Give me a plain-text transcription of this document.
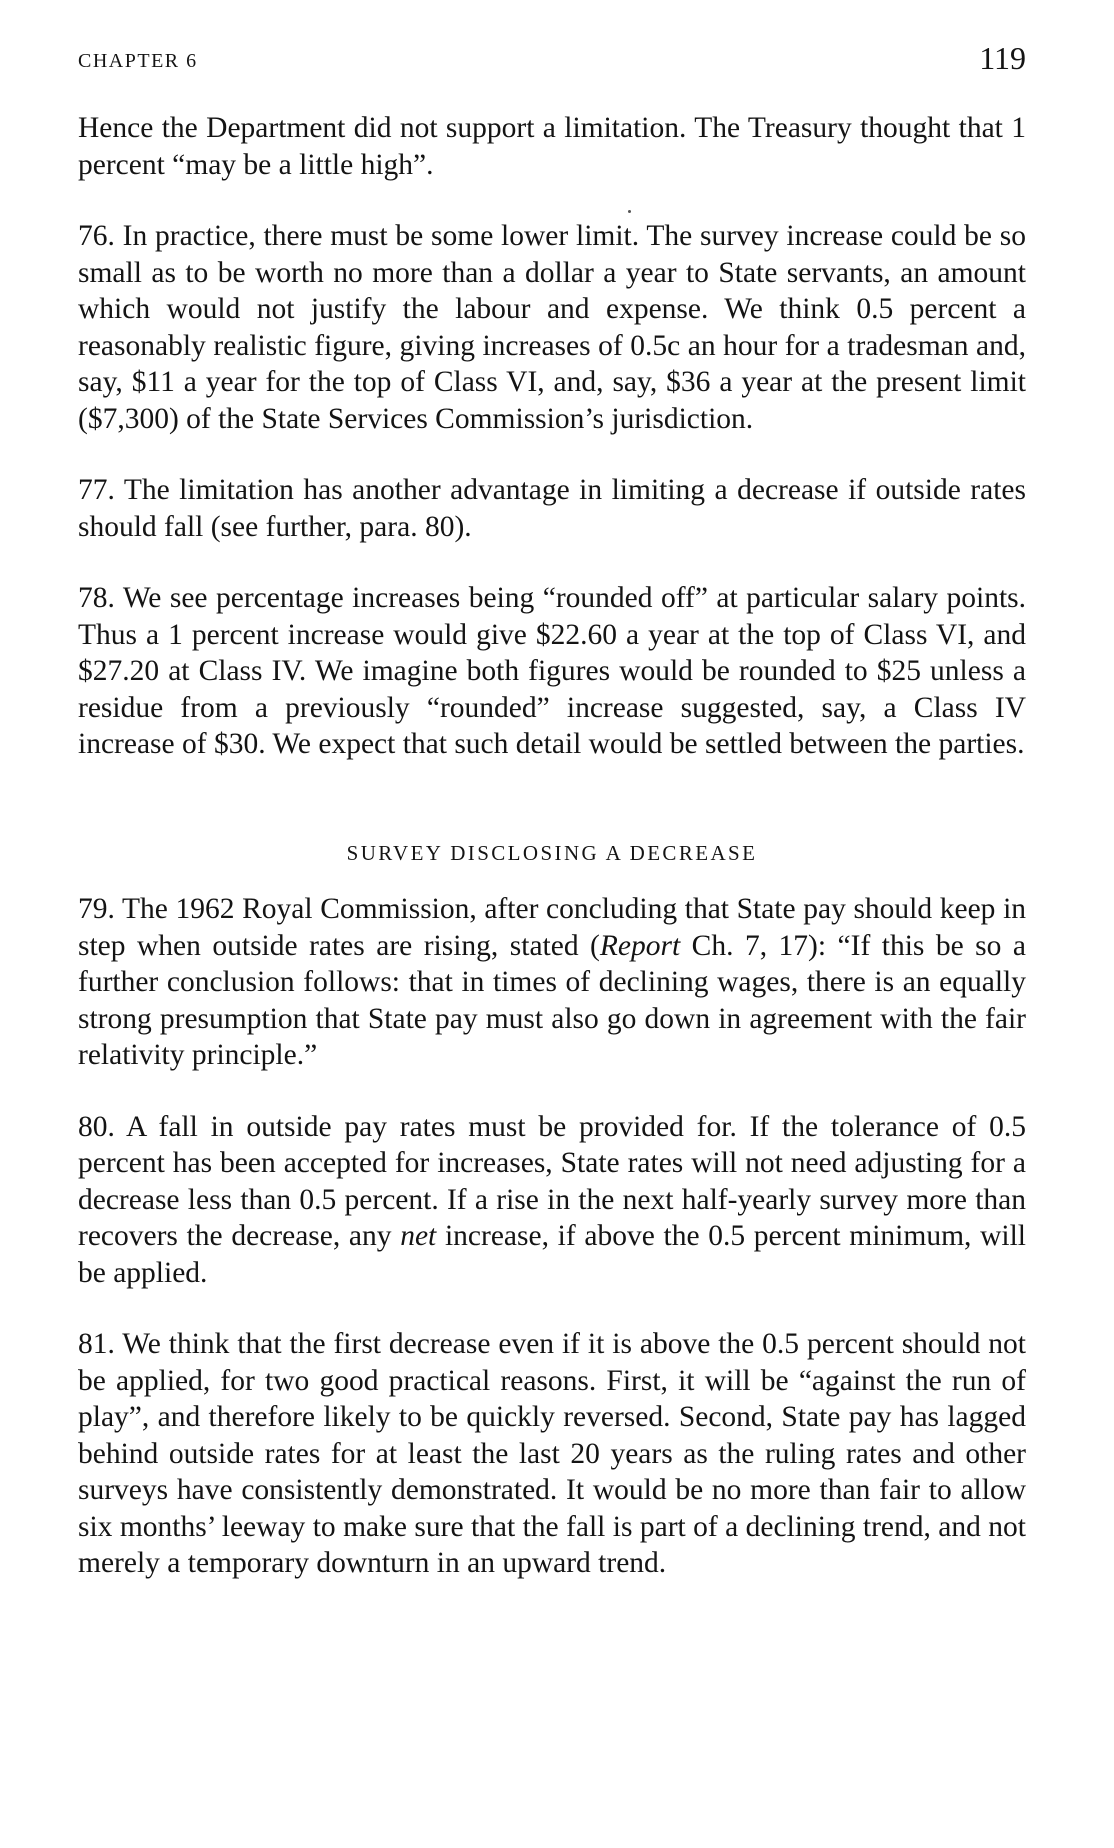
CHAPTER 6	119

Hence the Department did not support a limitation. The Treasury thought that 1 percent “may be a little high”.

76. In practice, there must be some lower limit. The survey increase could be so small as to be worth no more than a dollar a year to State servants, an amount which would not justify the labour and expense. We think 0.5 percent a reasonably realistic figure, giving increases of 0.5c an hour for a tradesman and, say, $11 a year for the top of Class VI, and, say, $36 a year at the present limit ($7,300) of the State Services Commission’s jurisdiction.

77. The limitation has another advantage in limiting a decrease if outside rates should fall (see further, para. 80).

78. We see percentage increases being “rounded off” at particular salary points. Thus a 1 percent increase would give $22.60 a year at the top of Class VI, and $27.20 at Class IV. We imagine both figures would be rounded to $25 unless a residue from a previously “rounded” increase suggested, say, a Class IV increase of $30. We expect that such detail would be settled between the parties.

SURVEY DISCLOSING A DECREASE

79. The 1962 Royal Commission, after concluding that State pay should keep in step when outside rates are rising, stated (Report Ch. 7, 17): “If this be so a further conclusion follows: that in times of declining wages, there is an equally strong presumption that State pay must also go down in agreement with the fair relativity principle.”

80. A fall in outside pay rates must be provided for. If the tolerance of 0.5 percent has been accepted for increases, State rates will not need adjusting for a decrease less than 0.5 percent. If a rise in the next half-yearly survey more than recovers the decrease, any net increase, if above the 0.5 percent minimum, will be applied.

81. We think that the first decrease even if it is above the 0.5 percent should not be applied, for two good practical reasons. First, it will be “against the run of play”, and therefore likely to be quickly reversed. Second, State pay has lagged behind outside rates for at least the last 20 years as the ruling rates and other surveys have consistently demonstrated. It would be no more than fair to allow six months’ leeway to make sure that the fall is part of a declining trend, and not merely a temporary downturn in an upward trend.
